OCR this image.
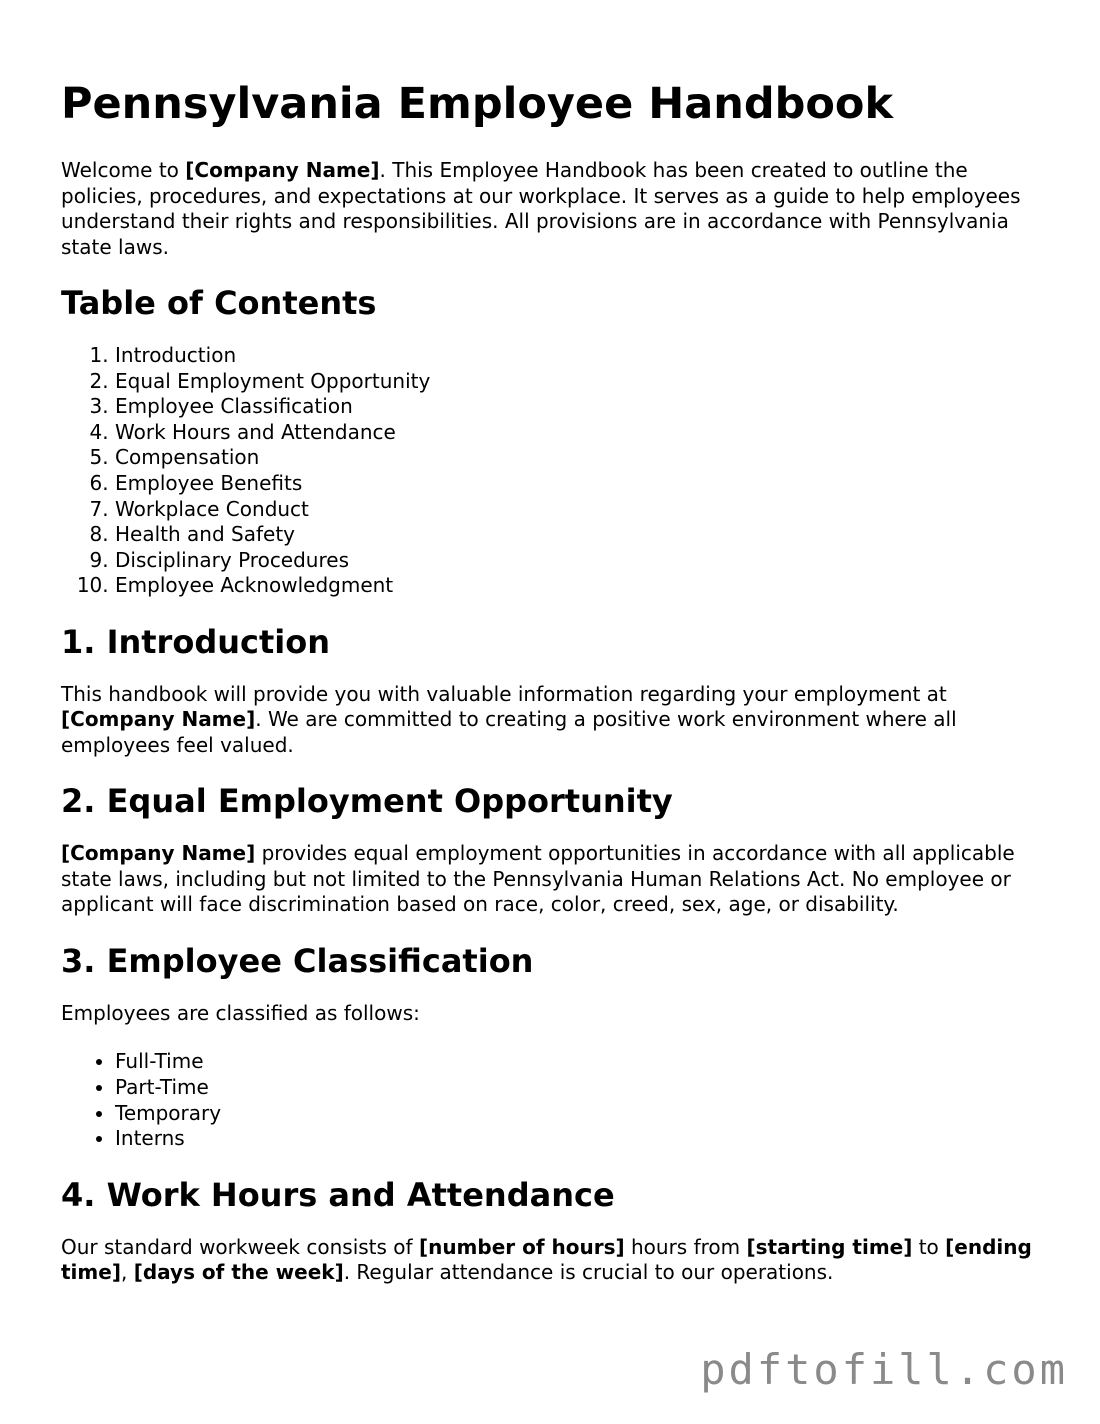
Pennsylvania Employee Handbook

Welcome to [Company Name]. This Employee Handbook has been created to outline the policies, procedures, and expectations at our workplace. It serves as a guide to help employees understand their rights and responsibilities. All provisions are in accordance with Pennsylvania state laws.

Table of Contents
1. Introduction
2. Equal Employment Opportunity
3. Employee Classification
4. Work Hours and Attendance
5. Compensation
6. Employee Benefits
7. Workplace Conduct
8. Health and Safety
9. Disciplinary Procedures
10. Employee Acknowledgment
1. Introduction

This handbook will provide you with valuable information regarding your employment at [Company Name]. We are committed to creating a positive work environment where all employees feel valued.

2. Equal Employment Opportunity

[Company Name] provides equal employment opportunities in accordance with all applicable state laws, including but not limited to the Pennsylvania Human Relations Act. No employee or applicant will face discrimination based on race, color, creed, sex, age, or disability.

3. Employee Classification

Employees are classified as follows:

• Full-Time
• Part-Time
• Temporary
• Interns
4. Work Hours and Attendance

Our standard workweek consists of [number of hours] hours from [starting time] to [ending time], [days of the week]. Regular attendance is crucial to our operations.

pdftofill.com
